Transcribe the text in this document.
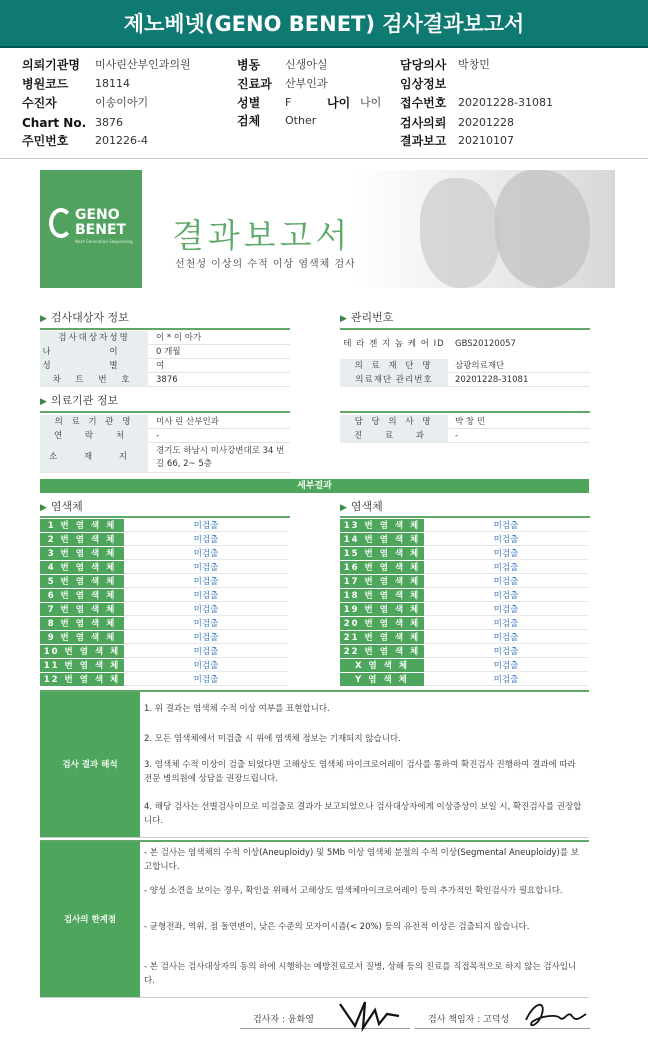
제노베넷(GENO BENET) 검사결과보고서
의뢰기관명 미사린산부인과의원
병원코드 18114
수진자	이송이아기
Chart No. 3876
주민번호 201226-4
병동 신생아실
진료과 산부인과
성별 F	나이 나이
검체 Other
담당의사 박창민
임상정보
접수번호 20201228-31081
검사의뢰 20201228
결과보고 20210107
GENO
BENET
Next Generation Sequencing 결과보고서
선천성 이상의 수적 이상 염색체 검사
▶ 검사대상자 정보
검사대상자성명	이 * 이 아가
나 이 0 개월
성 별 여
차 트 번 호	3876
▶ 관리번호
테 라 젠 지 놈 케 어 ID	GBS20120057
의 료 재 단 명	삼광의료재단
의료재단 관리번호	20201228-31081
▶ 의료기관 정보
의 료 기 관 명	미사 린 산부인과
연 락 처	-
소 재 지
경기도 하남시 미사강변대로 34 번길 66, 2~ 5층
담 당 의 사 명	박 창 민
진 료 과	-
세부결과
▶ 염색체	▶ 염색체
1 번 염 색 체	미검출
2 번 염 색 체	미검출
3 번 염 색 체	미검출
4 번 염 색 체	미검출
5 번 염 색 체	미검출
6 번 염 색 체	미검출
7 번 염 색 체	미검출
8 번 염 색 체	미검출
9 번 염 색 체	미검출
10 번 염 색 체	미검출
11 번 염 색 체	미검출
12 번 염 색 체	미검출
13 번 염 색 체	미검출
14 번 염 색 체	미검출
15 번 염 색 체	미검출
16 번 염 색 체	미검출
17 번 염 색 체	미검출
18 번 염 색 체	미검출
19 번 염 색 체	미검출
20 번 염 색 체	미검출
21 번 염 색 체	미검출
22 번 염 색 체	미검출
X 염 색 체	미검출
Y 염 색 체	미검출
검사 결과 해석
1. 위 결과는 염색체 수적 이상 여부를 표현합니다.
2. 모든 염색체에서 미검출 시 위에 염색체 정보는 기재되지 않습니다.
3. 염색체 수적 이상이 검출 되었다면 고해상도 염색체 마이크로어레이 검사를 통하여 확진검사 진행하여 결과에 따라 전문 병의원에 상담을 권장드립니다.
4. 해당 검사는 선별검사이므로 미검출로 결과가 보고되었으나 검사대상자에게 이상증상이 보일 시, 확진검사를 권장합니다.
검사의 한계점
- 본 검사는 염색체의 수적 이상(Aneuploidy) 및 5Mb 이상 염색체 분절의 수적 이상(Segmental Aneuploidy)를 보고합니다.
- 양성 소견을 보이는 경우, 확인을 위해서 고해상도 염색체마이크로어레이 등의 추가적인 확인검사가 필요합니다.
- 균형전좌, 역위, 점 돌연변이, 낮은 수준의 모자이시즘(< 20%) 등의 유전적 이상은 검출되지 않습니다.
- 본 검사는 검사대상자의 동의 하에 시행하는 예방진료로서 질병, 상해 등의 진료를 직접목적으로 하지 않는 검사입니다.
검사자 : 윤화영	검사 책임자 : 고덕성
